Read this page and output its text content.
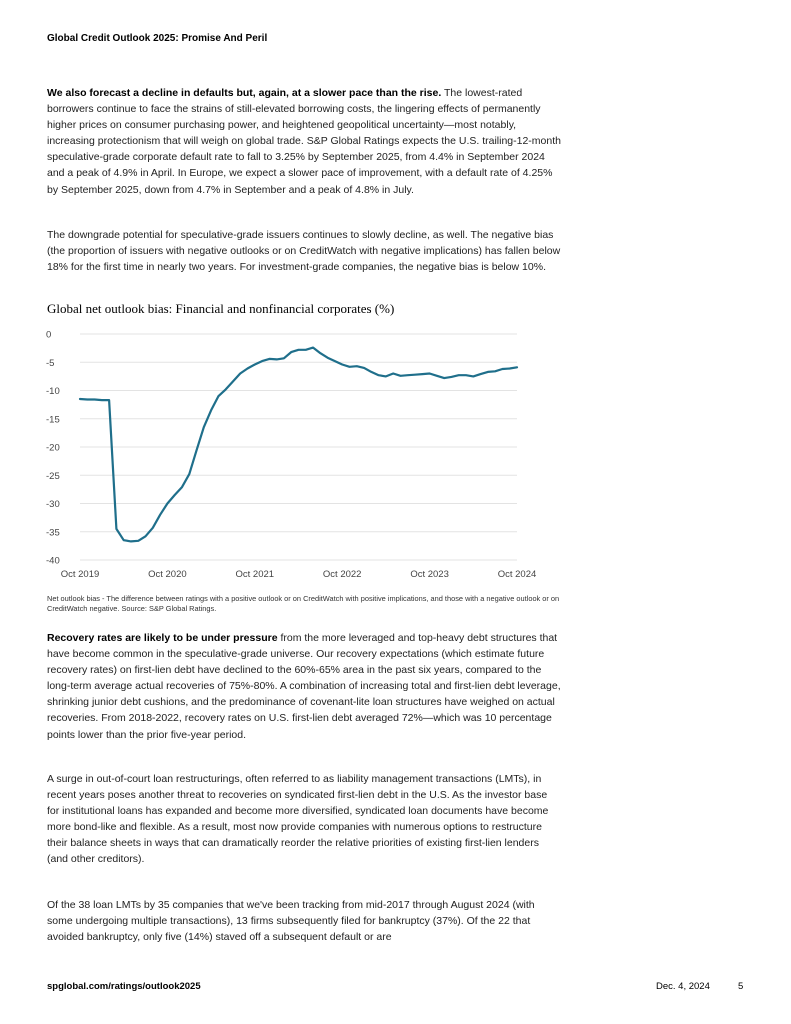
Global Credit Outlook 2025: Promise And Peril

We also forecast a decline in defaults but, again, at a slower pace than the rise. The lowest-rated borrowers continue to face the strains of still-elevated borrowing costs, the lingering effects of permanently higher prices on consumer purchasing power, and heightened geopolitical uncertainty—most notably, increasing protectionism that will weigh on global trade. S&P Global Ratings expects the U.S. trailing-12-month speculative-grade corporate default rate to fall to 3.25% by September 2025, from 4.4% in September 2024 and a peak of 4.9% in April. In Europe, we expect a slower pace of improvement, with a default rate of 4.25% by September 2025, down from 4.7% in September and a peak of 4.8% in July.

The downgrade potential for speculative-grade issuers continues to slowly decline, as well. The negative bias (the proportion of issuers with negative outlooks or on CreditWatch with negative implications) has fallen below 18% for the first time in nearly two years. For investment-grade companies, the negative bias is below 10%.

Global net outlook bias: Financial and nonfinancial corporates (%)
0
-5
-10
-15
-20
-25
-30
-35
-40
Oct 2019	Oct 2020	Oct 2021	Oct 2022	Oct 2023	Oct 2024
Net outlook bias - The difference between ratings with a positive outlook or on CreditWatch with positive implications, and those with a negative outlook or on CreditWatch negative. Source: S&P Global Ratings.

Recovery rates are likely to be under pressure from the more leveraged and top-heavy debt structures that have become common in the speculative-grade universe. Our recovery expectations (which estimate future recovery rates) on first-lien debt have declined to the 60%-65% area in the past six years, compared to the long-term average actual recoveries of 75%-80%. A combination of increasing total and first-lien debt leverage, shrinking junior debt cushions, and the predominance of covenant-lite loan structures have weighed on actual recoveries. From 2018-2022, recovery rates on U.S. first-lien debt averaged 72%—which was 10 percentage points lower than the prior five-year period.

A surge in out-of-court loan restructurings, often referred to as liability management transactions (LMTs), in recent years poses another threat to recoveries on syndicated first-lien debt in the U.S. As the investor base for institutional loans has expanded and become more diversified, syndicated loan documents have become more bond-like and flexible. As a result, most now provide companies with numerous options to restructure their balance sheets in ways that can dramatically reorder the relative priorities of existing first-lien lenders (and other creditors).

Of the 38 loan LMTs by 35 companies that we've been tracking from mid-2017 through August 2024 (with some undergoing multiple transactions), 13 firms subsequently filed for bankruptcy (37%). Of the 22 that avoided bankruptcy, only five (14%) staved off a subsequent default or are

spglobal.com/ratings/outlook2025	Dec. 4, 2024	5
